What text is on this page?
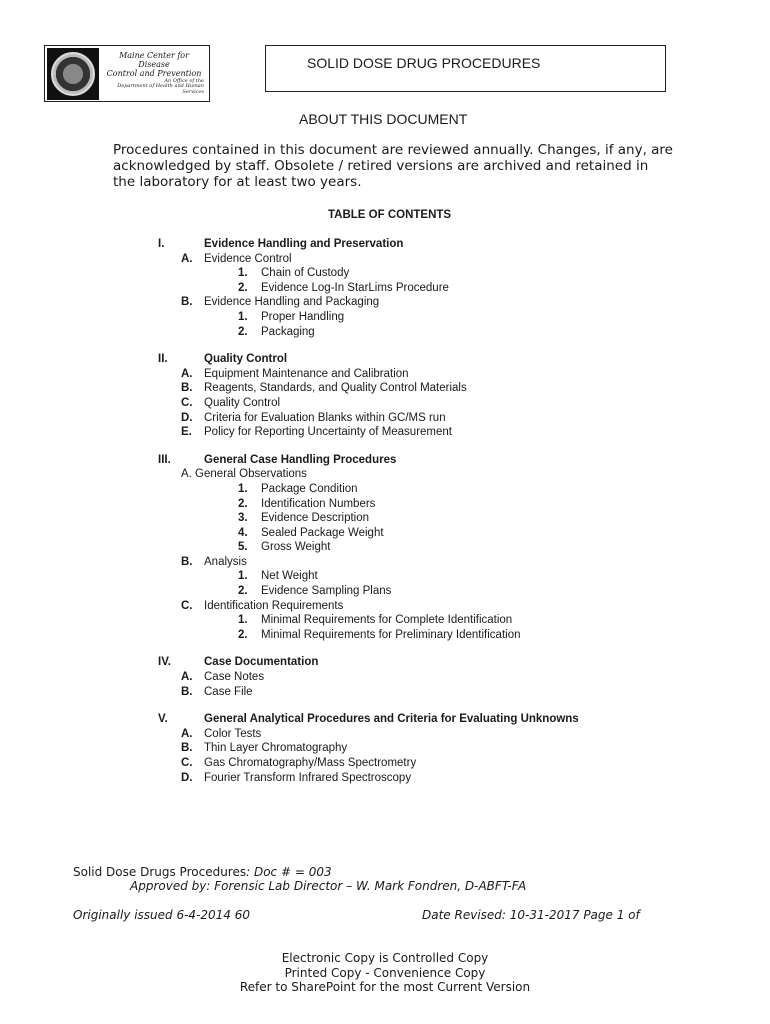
Maine Center for Disease
Control and Prevention
An Office of the
Department of Health and Human Services
SOLID DOSE DRUG PROCEDURES
ABOUT THIS DOCUMENT
Procedures contained in this document are reviewed annually. Changes, if any, are acknowledged by staff. Obsolete / retired versions are archived and retained in the laboratory for at least two years.
TABLE OF CONTENTS
I.	Evidence Handling and Preservation
A. Evidence Control
1. Chain of Custody
2. Evidence Log-In StarLims Procedure
B. Evidence Handling and Packaging
1. Proper Handling
2. Packaging
II.	Quality Control
A. Equipment Maintenance and Calibration
B. Reagents, Standards, and Quality Control Materials
C. Quality Control
D. Criteria for Evaluation Blanks within GC/MS run
E. Policy for Reporting Uncertainty of Measurement
III.	General Case Handling Procedures
A. General Observations
1. Package Condition
2. Identification Numbers
3. Evidence Description
4. Sealed Package Weight
5. Gross Weight
B. Analysis
1. Net Weight
2. Evidence Sampling Plans
C. Identification Requirements
1. Minimal Requirements for Complete Identification
2. Minimal Requirements for Preliminary Identification
IV.	Case Documentation
A. Case Notes
B. Case File
V.	General Analytical Procedures and Criteria for Evaluating Unknowns
A. Color Tests
B. Thin Layer Chromatography
C. Gas Chromatography/Mass Spectrometry
D. Fourier Transform Infrared Spectroscopy
Solid Dose Drugs Procedures: Doc # = 003
Approved by: Forensic Lab Director – W. Mark Fondren, D-ABFT-FA
Originally issued 6-4-2014 60	Date Revised: 10-31-2017 Page 1 of
Electronic Copy is Controlled Copy
Printed Copy - Convenience Copy
Refer to SharePoint for the most Current Version
